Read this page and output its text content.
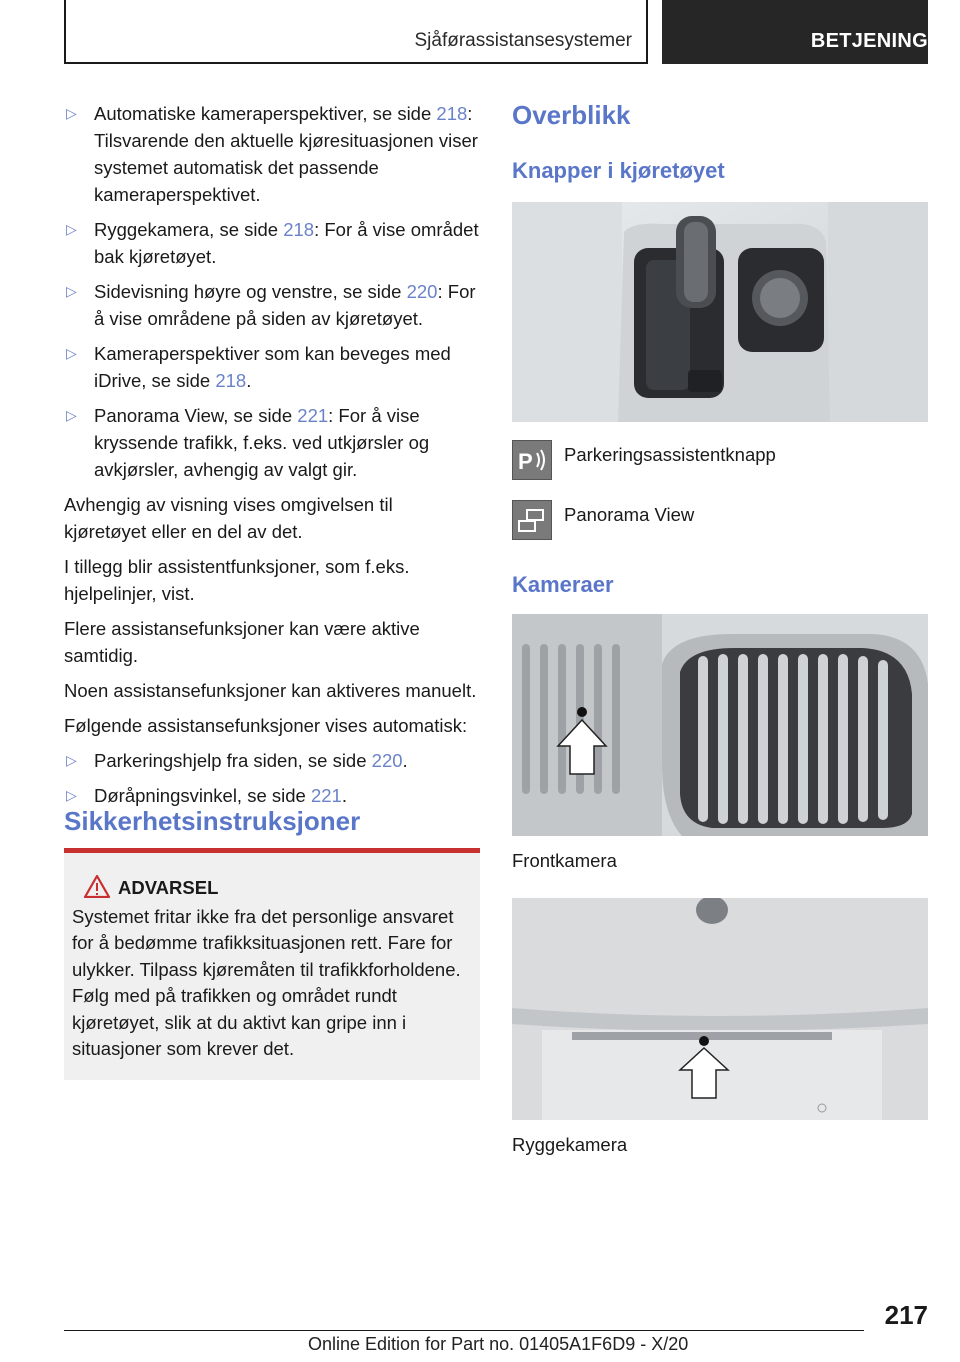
Sjåførassistansesystemer	BETJENING
▷ Automatiske kameraperspektiver, se side 218: Tilsvarende den aktuelle kjøresituasjonen viser systemet automatisk det passende kameraperspektivet.
▷ Ryggekamera, se side 218: For å vise området bak kjøretøyet.
▷ Sidevisning høyre og venstre, se side 220: For å vise områdene på siden av kjøretøyet.
▷ Kameraperspektiver som kan beveges med iDrive, se side 218.
▷ Panorama View, se side 221: For å vise kryssende trafikk, f.eks. ved utkjørsler og avkjørsler, avhengig av valgt gir.

Avhengig av visning vises omgivelsen til kjøretøyet eller en del av det.

I tillegg blir assistentfunksjoner, som f.eks. hjelpelinjer, vist.

Flere assistansefunksjoner kan være aktive samtidig.

Noen assistansefunksjoner kan aktiveres manuelt.

Følgende assistansefunksjoner vises automatisk:

▷ Parkeringshjelp fra siden, se side 220.
▷ Døråpningsvinkel, se side 221.
Sikkerhetsinstruksjoner
ADVARSEL
Systemet fritar ikke fra det personlige ansvaret for å bedømme trafikksituasjonen rett. Fare for ulykker. Tilpass kjøremåten til trafikkforholdene. Følg med på trafikken og området rundt kjøretøyet, slik at du aktivt kan gripe inn i situasjoner som krever det.
Overblikk
Knapper i kjøretøyet
P Parkeringsassistentknapp
Panorama View
Kameraer
Frontkamera
Ryggekamera
217
Online Edition for Part no. 01405A1F6D9 - X/20
